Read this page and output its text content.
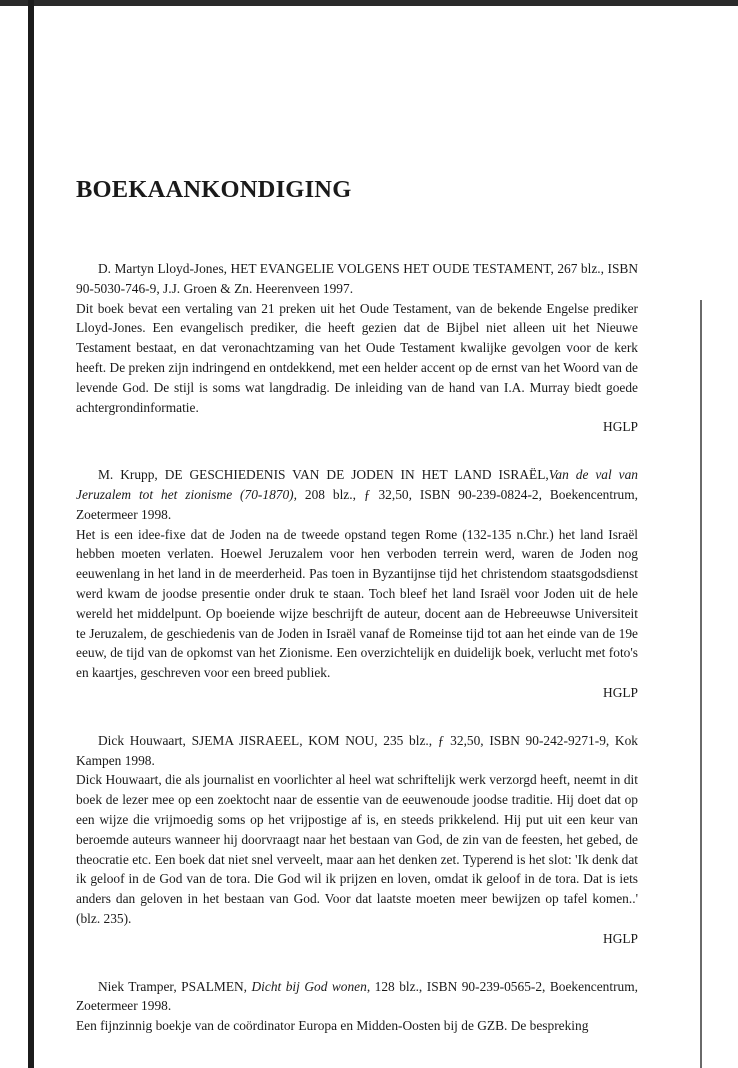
BOEKAANKONDIGING

D. Martyn Lloyd-Jones, HET EVANGELIE VOLGENS HET OUDE TESTAMENT, 267 blz., ISBN 90-5030-746-9, J.J. Groen & Zn. Heerenveen 1997.

Dit boek bevat een vertaling van 21 preken uit het Oude Testament, van de bekende Engelse prediker Lloyd-Jones. Een evangelisch prediker, die heeft gezien dat de Bijbel niet alleen uit het Nieuwe Testament bestaat, en dat veronachtzaming van het Oude Testament kwalijke gevolgen voor de kerk heeft. De preken zijn indringend en ontdekkend, met een helder accent op de ernst van het Woord van de levende God. De stijl is soms wat langdradig. De inleiding van de hand van I.A. Murray biedt goede achtergrondinformatie.

HGLP

M. Krupp, DE GESCHIEDENIS VAN DE JODEN IN HET LAND ISRAËL,Van de val van Jeruzalem tot het zionisme (70-1870), 208 blz., ƒ 32,50, ISBN 90-239-0824-2, Boekencentrum, Zoetermeer 1998.

Het is een idee-fixe dat de Joden na de tweede opstand tegen Rome (132-135 n.Chr.) het land Israël hebben moeten verlaten. Hoewel Jeruzalem voor hen verboden terrein werd, waren de Joden nog eeuwenlang in het land in de meerderheid. Pas toen in Byzantijnse tijd het christendom staatsgodsdienst werd kwam de joodse presentie onder druk te staan. Toch bleef het land Israël voor Joden uit de hele wereld het middelpunt. Op boeiende wijze beschrijft de auteur, docent aan de Hebreeuwse Universiteit te Jeruzalem, de geschiedenis van de Joden in Israël vanaf de Romeinse tijd tot aan het einde van de 19e eeuw, de tijd van de opkomst van het Zionisme. Een overzichtelijk en duidelijk boek, verlucht met foto's en kaartjes, geschreven voor een breed publiek.

HGLP

Dick Houwaart, SJEMA JISRAEEL, KOM NOU, 235 blz., ƒ 32,50, ISBN 90-242-9271-9, Kok Kampen 1998.

Dick Houwaart, die als journalist en voorlichter al heel wat schriftelijk werk verzorgd heeft, neemt in dit boek de lezer mee op een zoektocht naar de essentie van de eeuwenoude joodse traditie. Hij doet dat op een wijze die vrijmoedig soms op het vrijpostige af is, en steeds prikkelend. Hij put uit een keur van beroemde auteurs wanneer hij doorvraagt naar het bestaan van God, de zin van de feesten, het gebed, de theocratie etc. Een boek dat niet snel verveelt, maar aan het denken zet. Typerend is het slot: 'Ik denk dat ik geloof in de God van de tora. Die God wil ik prijzen en loven, omdat ik geloof in de tora. Dat is iets anders dan geloven in het bestaan van God. Voor dat laatste moeten meer bewijzen op tafel komen..' (blz. 235).

HGLP

Niek Tramper, PSALMEN, Dicht bij God wonen, 128 blz., ISBN 90-239-0565-2, Boekencentrum, Zoetermeer 1998.

Een fijnzinnig boekje van de coördinator Europa en Midden-Oosten bij de GZB. De bespreking
